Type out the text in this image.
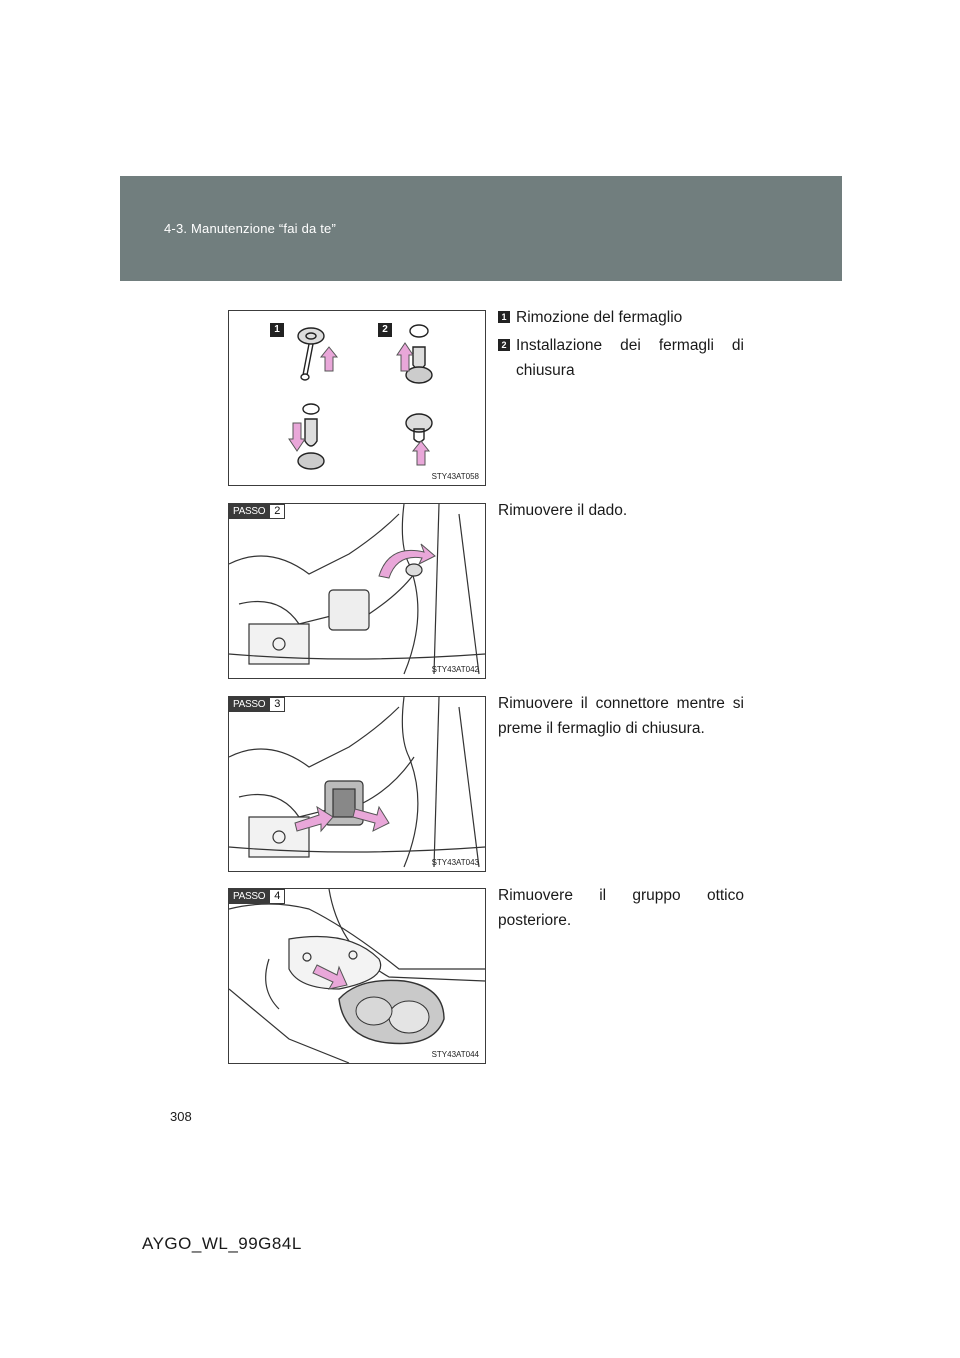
4-3. Manutenzione “fai da te”
1	2
STY43AT058
1 Rimozione del fermaglio
2 Installazione dei fermagli di chiusura
PASSO 2
STY43AT042
Rimuovere il dado.
PASSO 3
STY43AT043
Rimuovere il connettore mentre si preme il fermaglio di chiusura.
PASSO 4
STY43AT044
Rimuovere il gruppo ottico posteriore.
308
AYGO_WL_99G84L
